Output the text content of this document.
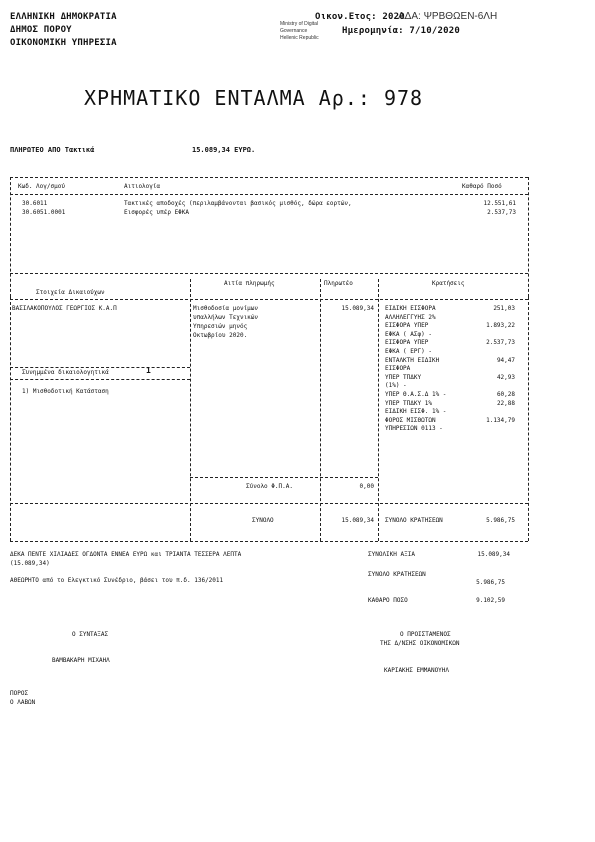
ΕΛΛΗΝΙΚΗ ΔΗΜΟΚΡΑΤΙΑ
ΔΗΜΟΣ ΠΟΡΟΥ
ΟΙΚΟΝΟΜΙΚΗ ΥΠΗΡΕΣΙΑ
Οικον.Ετος: 2020
ΑΔΑ: ΨΡΒΘΩΕΝ-6ΛΗ
Ημερομηνία: 7/10/2020
Ministry of Digital
Governance
Hellenic Republic
ΧΡΗΜΑΤΙΚΟ ΕΝΤΑΛΜΑ Αρ.: 978
ΠΛΗΡΩΤΕΟ ΑΠΟ Τακτικά	15.089,34 ΕΥΡΩ.
Κωδ. Λογ/σμού	Αιτιολογία	Καθαρό Ποσό
30.6011	Τακτικές αποδοχές (περιλαμβάνονται βασικός μισθός, δώρα εορτών,	12.551,61
30.6051.0001	Εισφορές υπέρ ΕΦΚΑ	2.537,73
Αιτία πληρωμής	Πληρωτέο	Κρατήσεις
Στοιχεία Δικαιούχων
ΒΑΣΙΛΑΚΟΠΟΥΛΟΣ ΓΕΩΡΓΙΟΣ Κ.Α.Π	Μισθοδοσία μονίμων
υπαλλήλων Τεχνικών
Υπηρεσιών μηνός
Οκτωβρίου 2020.
15.089,34
Συνημμένα δικαιολογητικά	1
1) Μισθοδοτική Κατάσταση
ΕΙΔΙΚΗ ΕΙΣΦΟΡΑ	251,03
ΑΛΛΗΛΕΓΓΥΗΣ 2%
ΕΙΣΦΟΡΑ ΥΠΕΡ	1.893,22
ΕΦΚΑ ( ΑΣφ) -
ΕΙΣΦΟΡΑ ΥΠΕΡ	2.537,73
ΕΦΚΑ ( ΕΡΓ) -
ΕΝΤΑΛΚΤΗ ΕΙΔΙΚΗ	94,47
ΕΙΣΦΟΡΑ
ΥΠΕΡ ΤΠΔΚΥ	42,93
(1%) -
ΥΠΕΡ Θ.Α.Σ.Δ 1% -	60,28
ΥΠΕΡ ΤΠΔΚΥ 1%	22,88
ΕΙΔΙΚΗ ΕΙΣΦ. 1% -
ΦΟΡΟΣ ΜΙΣΘΩΤΩΝ	1.134,79
ΥΠΗΡΕΣΙΩΝ 0113 -
Σύνολο Φ.Π.Α.	0,00
ΣΥΝΟΛΟ	15.089,34 ΣΥΝΟΛΟ ΚΡΑΤΗΣΕΩΝ	5.986,75
ΔΕΚΑ ΠΕΝΤΕ ΧΙΛΙΑΔΕΣ ΟΓΔΟΝΤΑ ΕΝΝΕΑ ΕΥΡΩ και ΤΡΙΑΝΤΑ ΤΕΣΣΕΡΑ ΛΕΠΤΑ
(15.089,34)
ΑΘΕΩΡΗΤΟ από το Ελεγκτικό Συνέδριο, βάσει του π.δ. 136/2011
ΣΥΝΟΛΙΚΗ ΑΞΙΑ	15.089,34
ΣΥΝΟΛΟ ΚΡΑΤΗΣΕΩΝ
5.986,75
ΚΑΘΑΡΟ ΠΟΣΟ	9.102,59
Ο ΣΥΝΤΑΞΑΣ
ΒΑΜΒΑΚΑΡΗ ΜΙΧΑΗΛ
Ο ΠΡΟΙΣΤΑΜΕΝΟΣ
ΤΗΣ Δ/ΝΣΗΣ ΟΙΚΟΝΟΜΙΚΩΝ
ΚΑΡΙΑΚΗΣ ΕΜΜΑΝΟΥΗΛ
ΠΟΡΟΣ
Ο ΛΑΒΩΝ
